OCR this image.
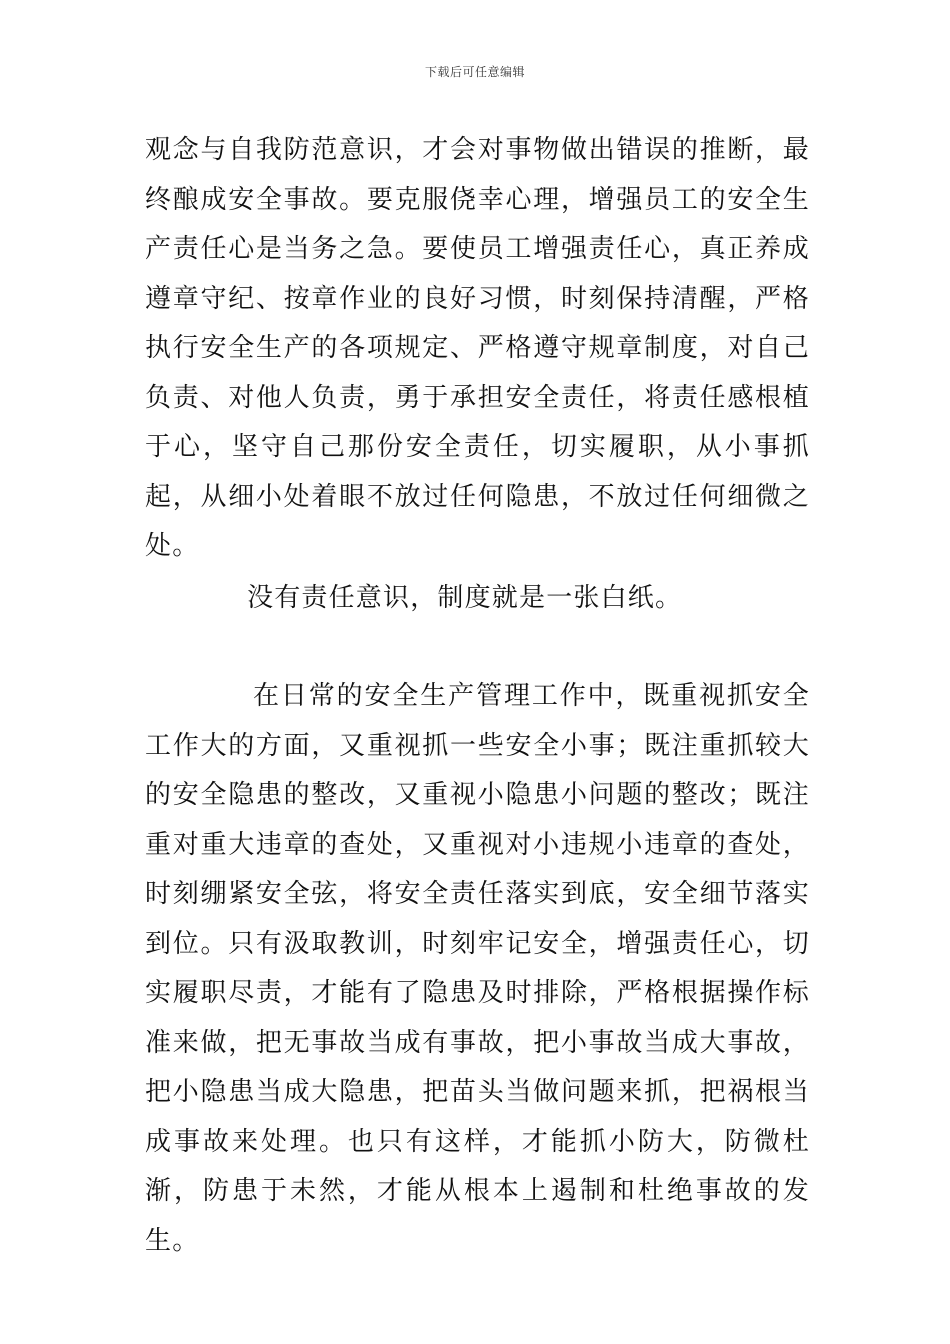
下载后可任意编辑
观念与自我防范意识，才会对事物做出错误的推断，最终酿成安全事故。要克服侥幸心理，增强员工的安全生产责任心是当务之急。要使员工增强责任心，真正养成遵章守纪、按章作业的良好习惯，时刻保持清醒，严格执行安全生产的各项规定、严格遵守规章制度，对自己负责、对他人负责，勇于承担安全责任，将责任感根植于心，坚守自己那份安全责任，切实履职，从小事抓起，从细小处着眼不放过任何隐患，不放过任何细微之处。
没有责任意识，制度就是一张白纸。
在日常的安全生产管理工作中，既重视抓安全工作大的方面，又重视抓一些安全小事；既注重抓较大的安全隐患的整改，又重视小隐患小问题的整改；既注重对重大违章的查处，又重视对小违规小违章的查处，时刻绷紧安全弦，将安全责任落实到底，安全细节落实到位。只有汲取教训，时刻牢记安全，增强责任心，切实履职尽责，才能有了隐患及时排除，严格根据操作标准来做，把无事故当成有事故，把小事故当成大事故，把小隐患当成大隐患，把苗头当做问题来抓，把祸根当成事故来处理。也只有这样，才能抓小防大，防微杜渐，防患于未然，才能从根本上遏制和杜绝事故的发生。
